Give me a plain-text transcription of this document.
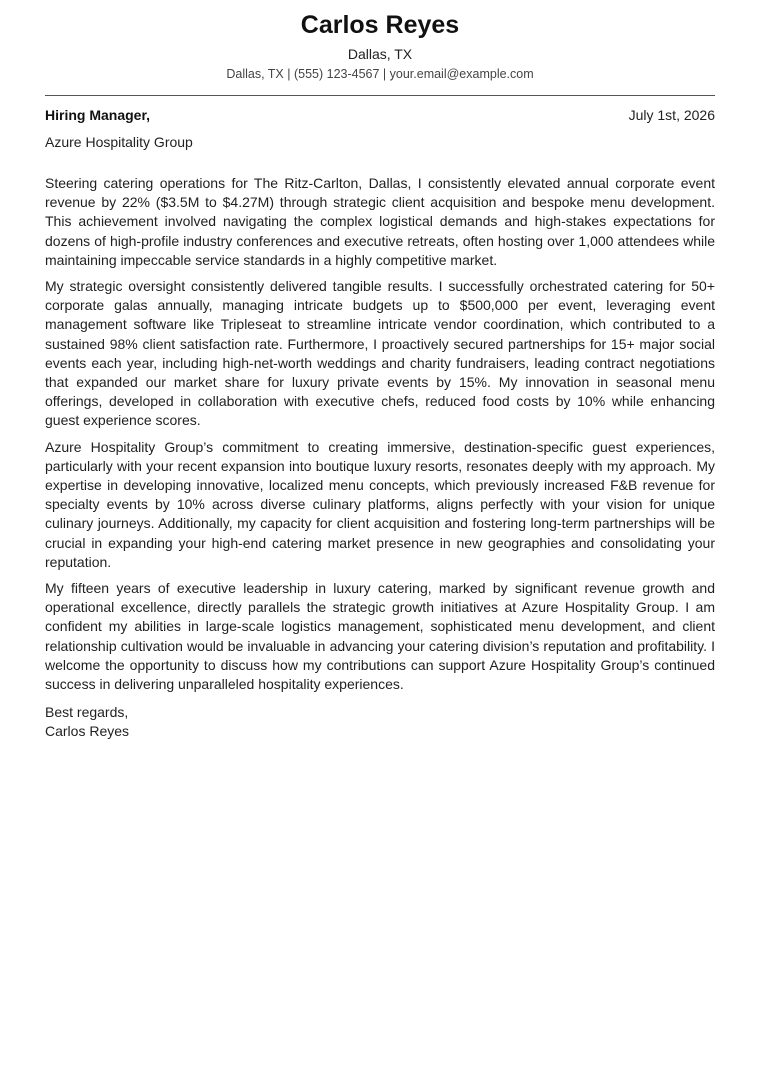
Carlos Reyes
Dallas, TX
Dallas, TX | (555) 123-4567 | your.email@example.com
Hiring Manager,	July 1st, 2026
Azure Hospitality Group

Steering catering operations for The Ritz-Carlton, Dallas, I consistently elevated annual corporate event revenue by 22% ($3.5M to $4.27M) through strategic client acquisition and bespoke menu development. This achievement involved navigating the complex logistical demands and high-stakes expectations for dozens of high-profile industry conferences and executive retreats, often hosting over 1,000 attendees while maintaining impeccable service standards in a highly competitive market.

My strategic oversight consistently delivered tangible results. I successfully orchestrated catering for 50+ corporate galas annually, managing intricate budgets up to $500,000 per event, leveraging event management software like Tripleseat to streamline intricate vendor coordination, which contributed to a sustained 98% client satisfaction rate. Furthermore, I proactively secured partnerships for 15+ major social events each year, including high-net-worth weddings and charity fundraisers, leading contract negotiations that expanded our market share for luxury private events by 15%. My innovation in seasonal menu offerings, developed in collaboration with executive chefs, reduced food costs by 10% while enhancing guest experience scores.

Azure Hospitality Group’s commitment to creating immersive, destination-specific guest experiences, particularly with your recent expansion into boutique luxury resorts, resonates deeply with my approach. My expertise in developing innovative, localized menu concepts, which previously increased F&B revenue for specialty events by 10% across diverse culinary platforms, aligns perfectly with your vision for unique culinary journeys. Additionally, my capacity for client acquisition and fostering long-term partnerships will be crucial in expanding your high-end catering market presence in new geographies and consolidating your reputation.

My fifteen years of executive leadership in luxury catering, marked by significant revenue growth and operational excellence, directly parallels the strategic growth initiatives at Azure Hospitality Group. I am confident my abilities in large-scale logistics management, sophisticated menu development, and client relationship cultivation would be invaluable in advancing your catering division’s reputation and profitability. I welcome the opportunity to discuss how my contributions can support Azure Hospitality Group’s continued success in delivering unparalleled hospitality experiences.

Best regards,
Carlos Reyes
